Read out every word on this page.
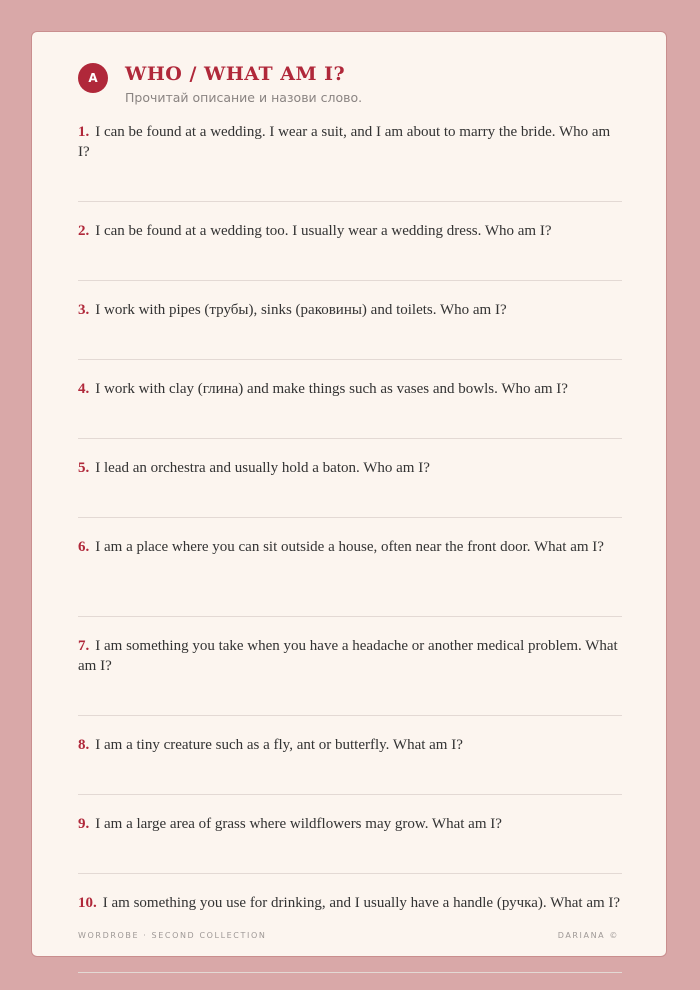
A	WHO / WHAT AM I?

Прочитай описание и назови слово.

1. I can be found at a wedding. I wear a suit, and I am about to marry the bride. Who am I?

2. I can be found at a wedding too. I usually wear a wedding dress. Who am I?

3. I work with pipes (трубы), sinks (раковины) and toilets. Who am I?

4. I work with clay (глина) and make things such as vases and bowls. Who am I?

5. I lead an orchestra and usually hold a baton. Who am I?

6. I am a place where you can sit outside a house, often near the front door. What am I?

7. I am something you take when you have a headache or another medical problem. What am I?

8. I am a tiny creature such as a fly, ant or butterfly. What am I?

9. I am a large area of grass where wildflowers may grow. What am I?

10. I am something you use for drinking, and I usually have a handle (ручка). What am I?

WORDROBE · SECOND COLLECTION	DARIANA ©
